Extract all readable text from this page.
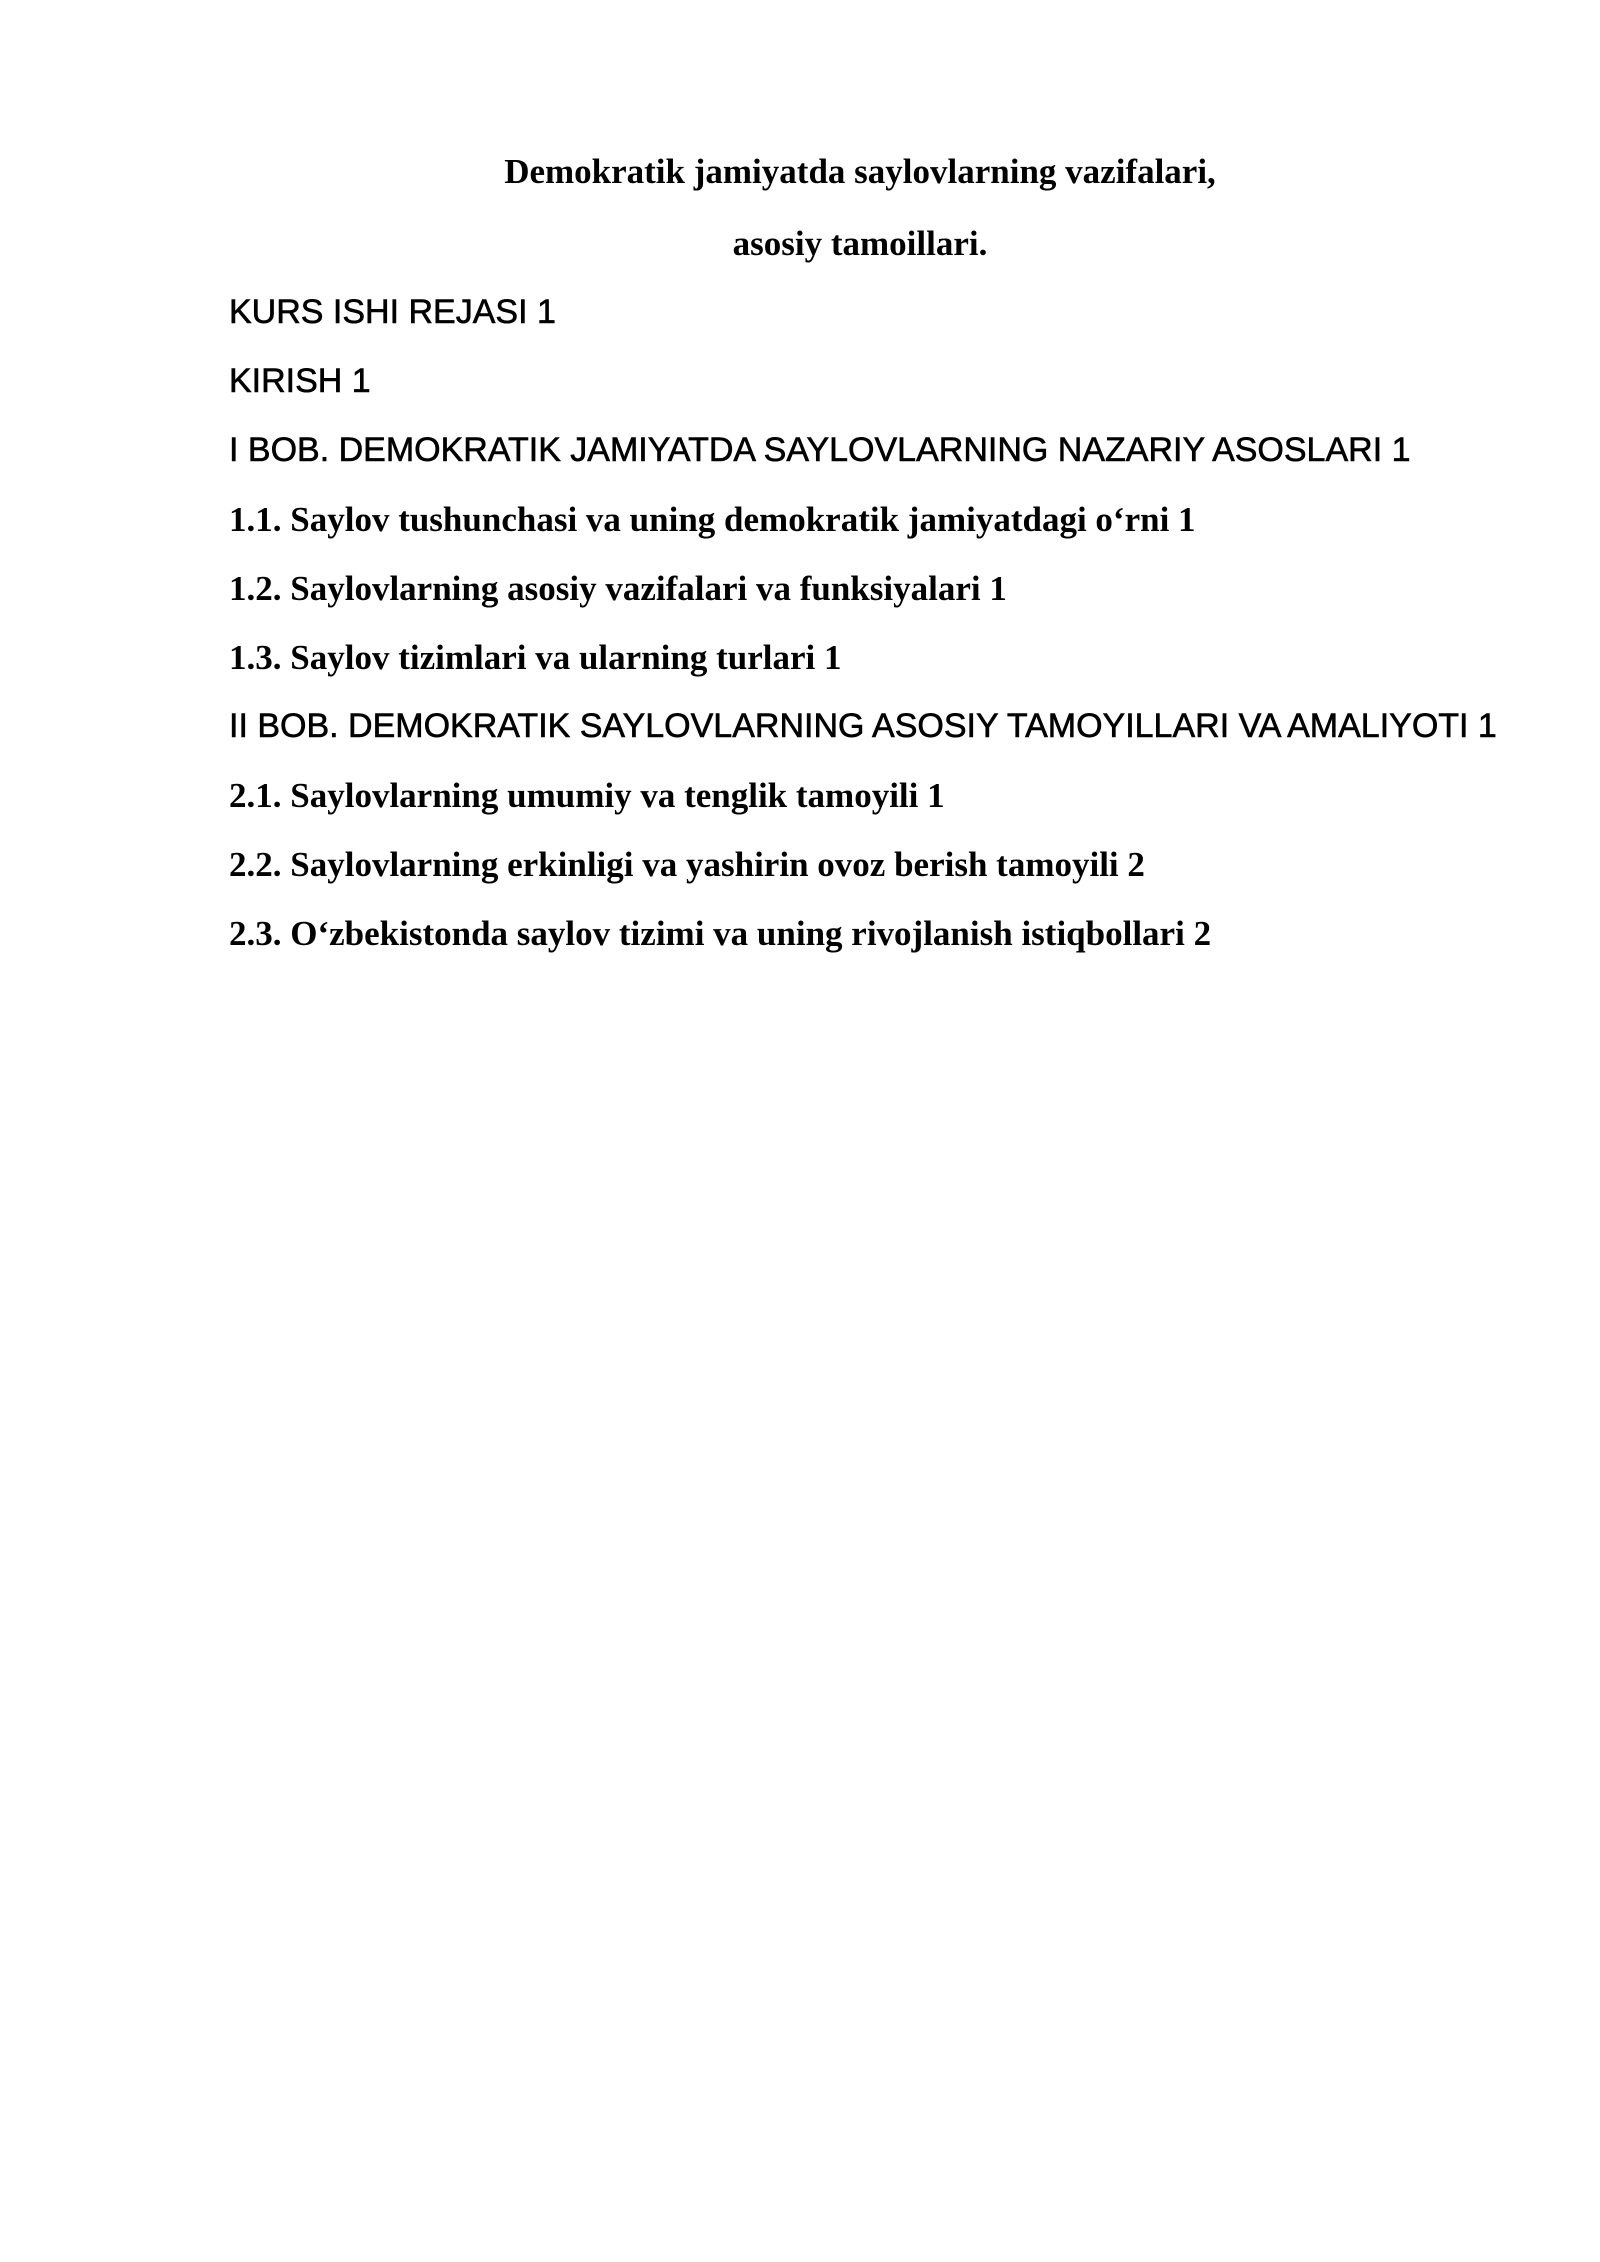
Demokratik jamiyatda saylovlarning vazifalari,

asosiy tamoillari.

KURS ISHI REJASI 1
KIRISH 1
I BOB. DEMOKRATIK JAMIYATDA SAYLOVLARNING NAZARIY ASOSLARI 1
1.1. Saylov tushunchasi va uning demokratik jamiyatdagi o‘rni 1
1.2. Saylovlarning asosiy vazifalari va funksiyalari 1
1.3. Saylov tizimlari va ularning turlari 1
II BOB. DEMOKRATIK SAYLOVLARNING ASOSIY TAMOYILLARI VA AMALIYOTI 1
2.1. Saylovlarning umumiy va tenglik tamoyili 1
2.2. Saylovlarning erkinligi va yashirin ovoz berish tamoyili 2
2.3. O‘zbekistonda saylov tizimi va uning rivojlanish istiqbollari 2
